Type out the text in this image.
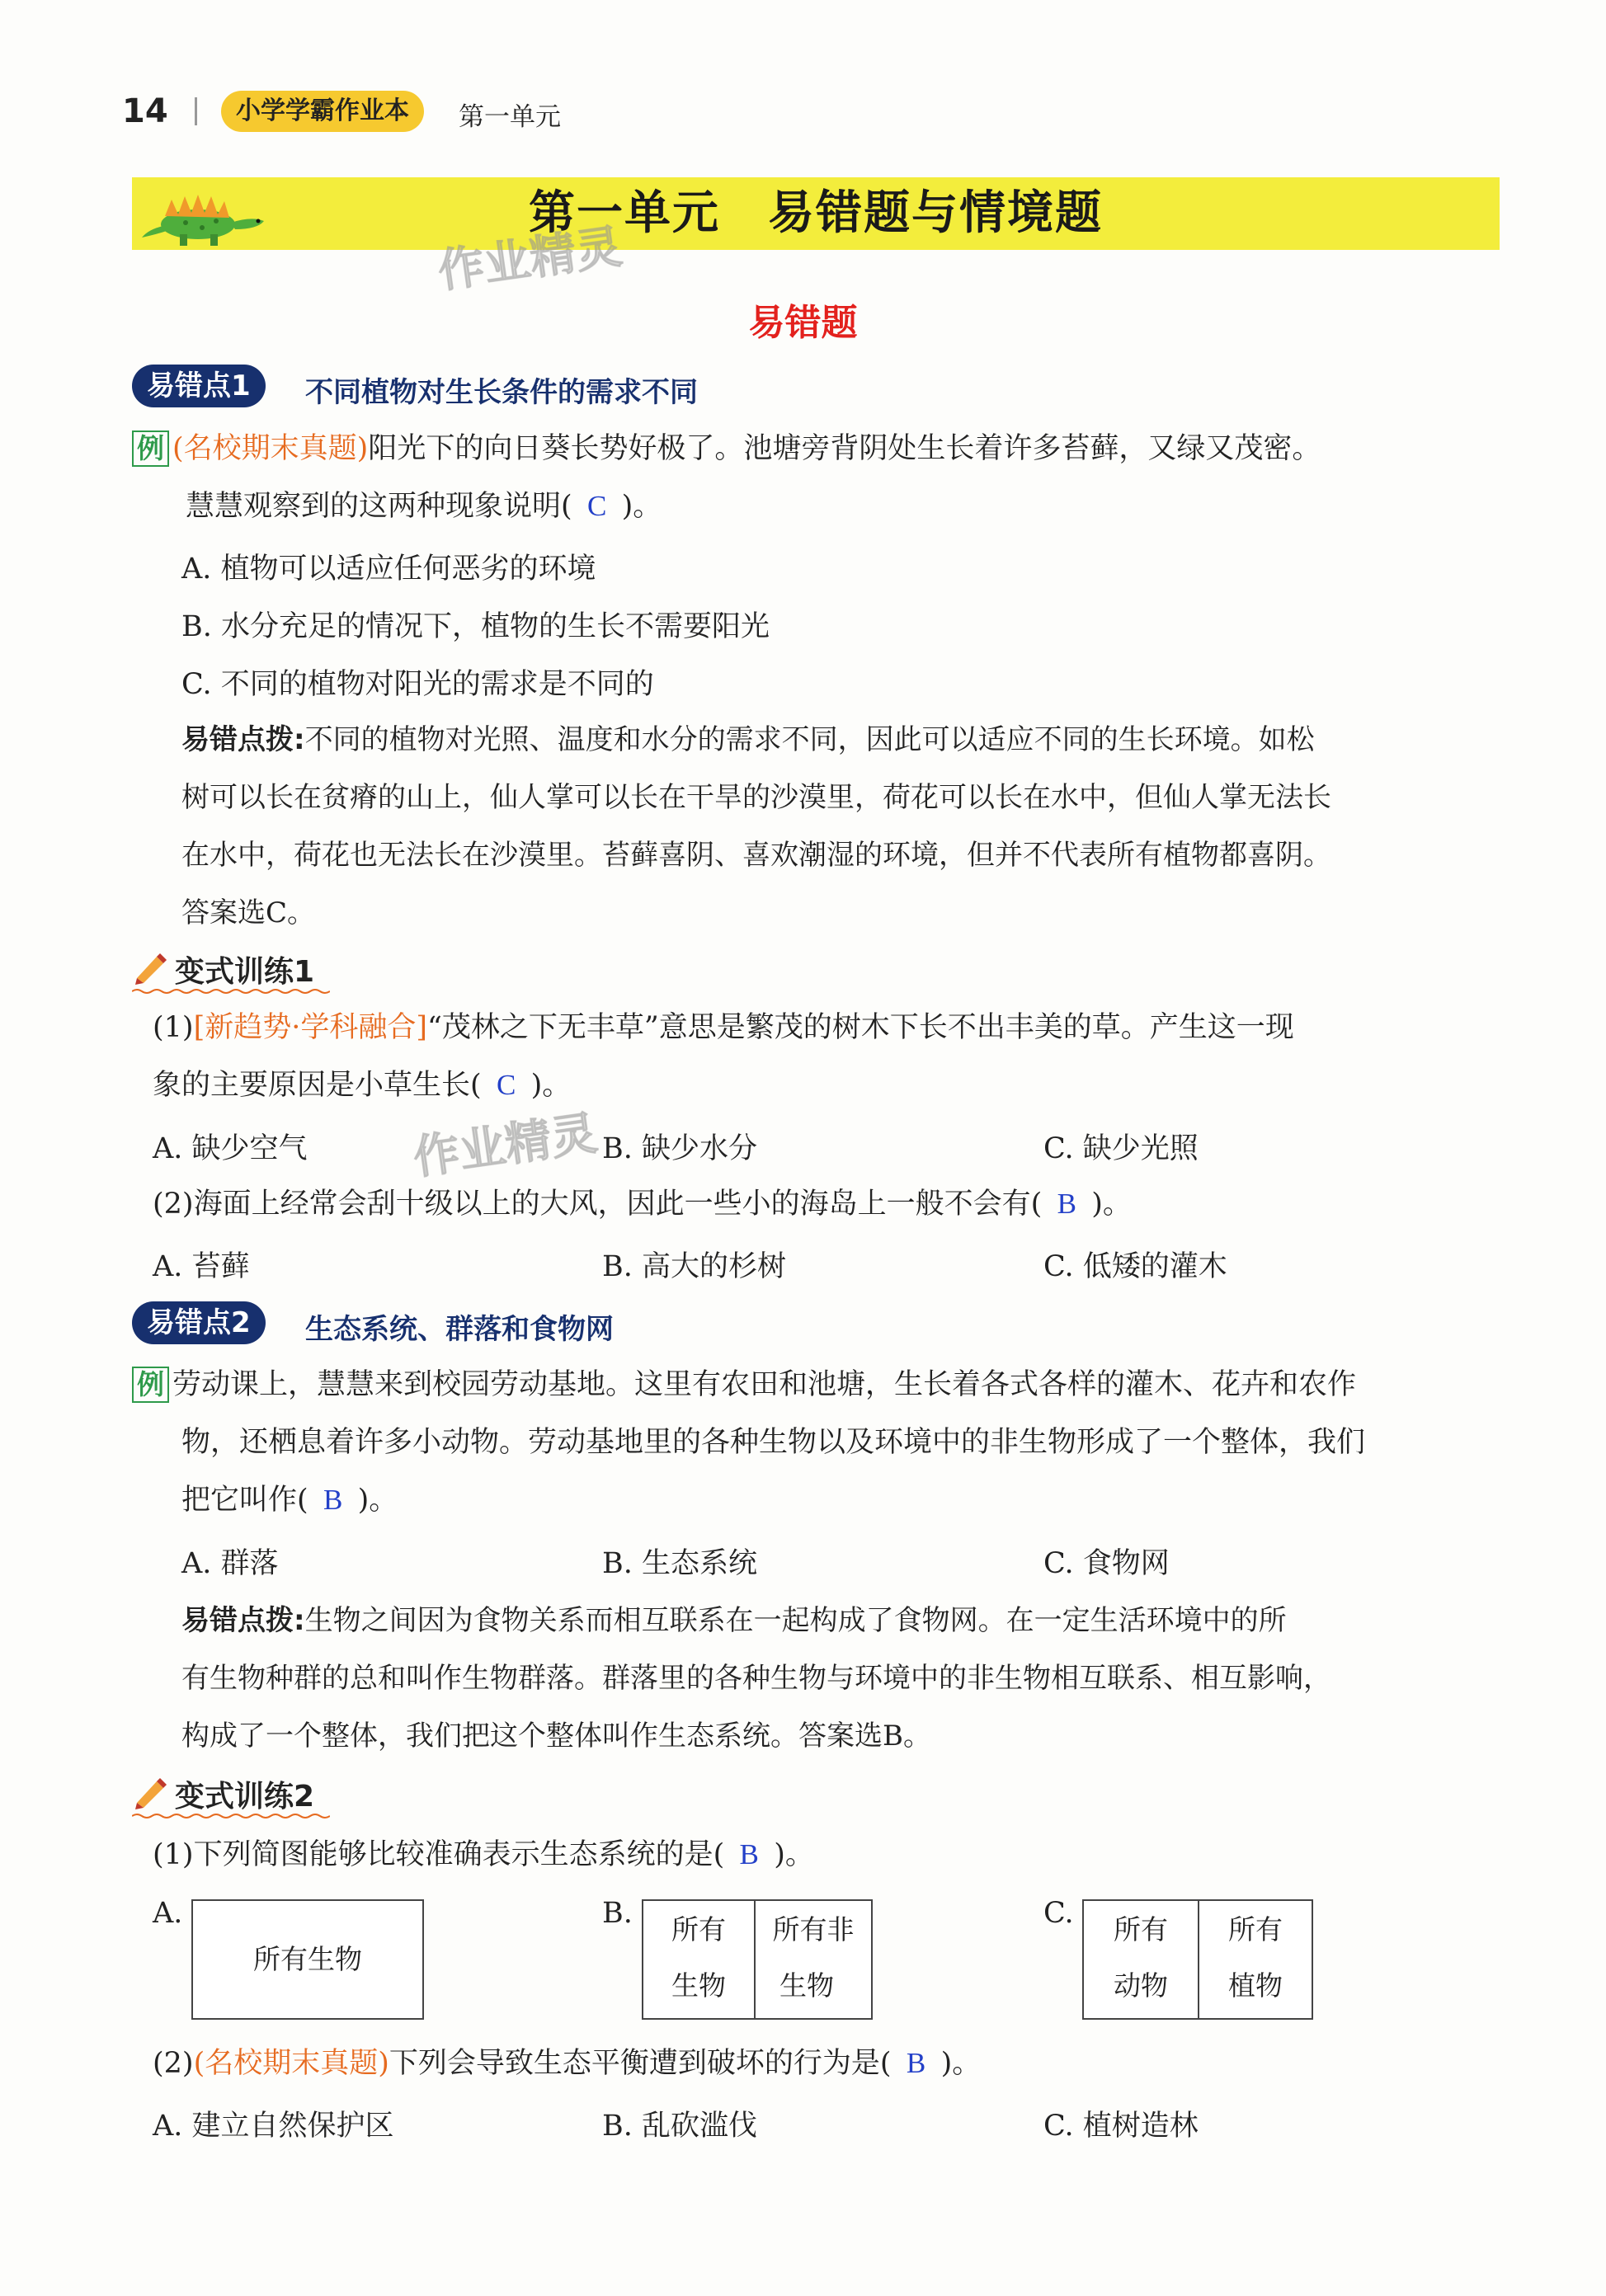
14	小学学霸作业本	第一单元
第一单元　易错题与情境题
作业精灵
易错题
易错点1	不同植物对生长条件的需求不同
例 (名校期末真题)阳光下的向日葵长势好极了。池塘旁背阴处生长着许多苔藓，又绿又茂密。
慧慧观察到的这两种现象说明( C )。
A. 植物可以适应任何恶劣的环境
B. 水分充足的情况下，植物的生长不需要阳光
C. 不同的植物对阳光的需求是不同的
易错点拨:不同的植物对光照、温度和水分的需求不同，因此可以适应不同的生长环境。如松
树可以长在贫瘠的山上，仙人掌可以长在干旱的沙漠里，荷花可以长在水中，但仙人掌无法长
在水中，荷花也无法长在沙漠里。苔藓喜阴、喜欢潮湿的环境，但并不代表所有植物都喜阴。
答案选C。
变式训练1
(1)[新趋势·学科融合]“茂林之下无丰草”意思是繁茂的树木下长不出丰美的草。产生这一现
象的主要原因是小草生长( C )。
作业精灵
A. 缺少空气	B. 缺少水分	C. 缺少光照
(2)海面上经常会刮十级以上的大风，因此一些小的海岛上一般不会有( B )。
A. 苔藓	B. 高大的杉树	C. 低矮的灌木
易错点2	生态系统、群落和食物网
例 劳动课上，慧慧来到校园劳动基地。这里有农田和池塘，生长着各式各样的灌木、花卉和农作
物，还栖息着许多小动物。劳动基地里的各种生物以及环境中的非生物形成了一个整体，我们
把它叫作( B )。
A. 群落	B. 生态系统	C. 食物网
易错点拨:生物之间因为食物关系而相互联系在一起构成了食物网。在一定生活环境中的所
有生物种群的总和叫作生物群落。群落里的各种生物与环境中的非生物相互联系、相互影响，
构成了一个整体，我们把这个整体叫作生态系统。答案选B。
变式训练2
(1)下列简图能够比较准确表示生态系统的是( B )。
A.
所有生物
B.	所有
生物
所有非
生物
C.	所有
动物
所有
植物
(2)(名校期末真题)下列会导致生态平衡遭到破坏的行为是( B )。
A. 建立自然保护区	B. 乱砍滥伐	C. 植树造林
